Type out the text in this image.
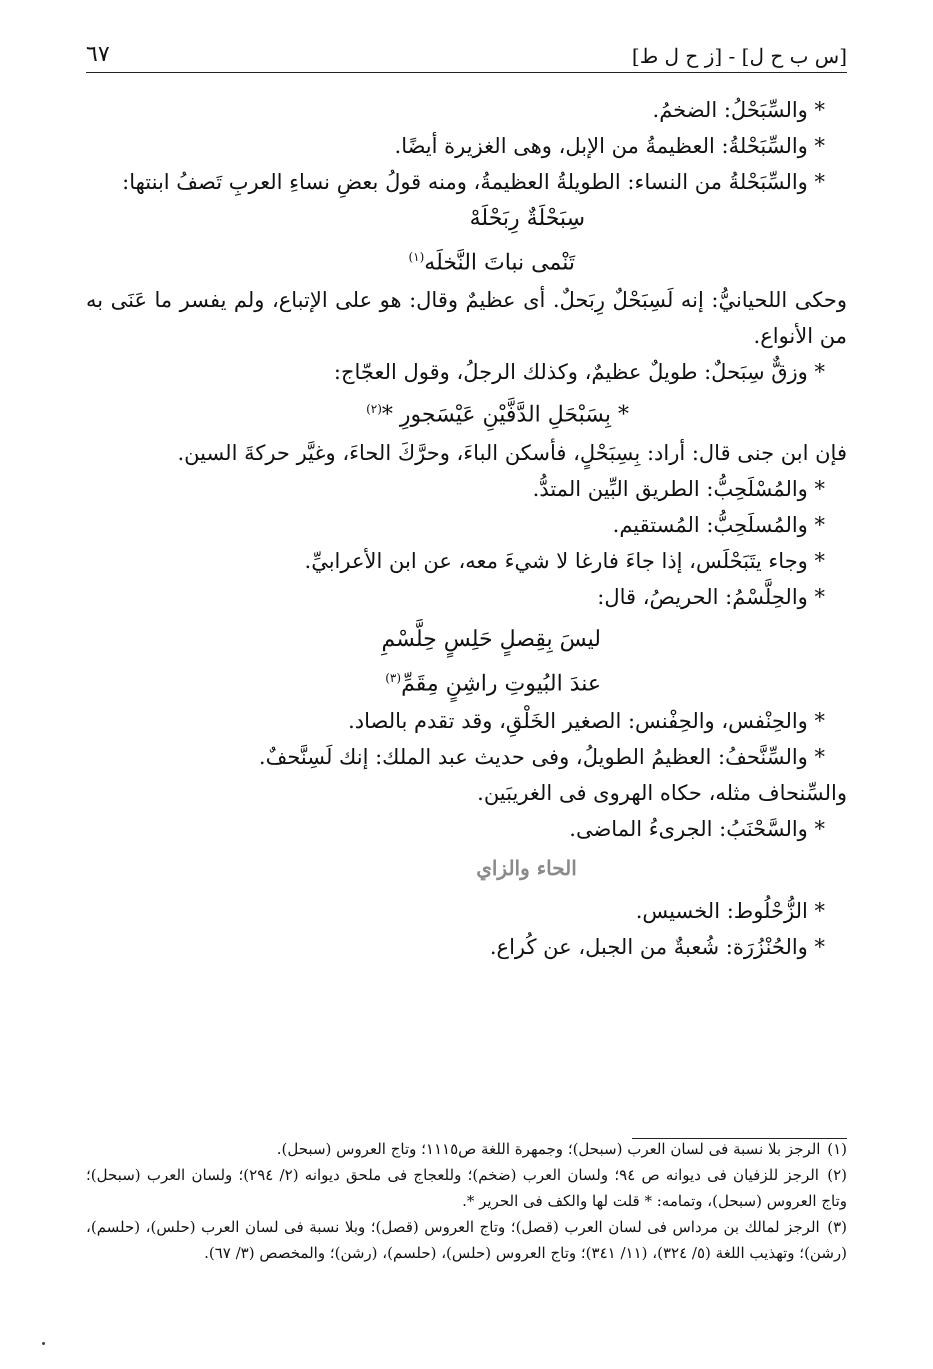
[س ب ح ل] - [ز ح ل ط]
٦٧
* والسِّبَحْلُ: الضخمُ.
* والسِّبَحْلةُ: العظيمةُ من الإبل، وهى الغزيرة أيضًا.
* والسِّبَحْلةُ من النساء: الطويلةُ العظيمةُ، ومنه قولُ بعضِ نساءِ العربِ تَصفُ ابنتها:
سِبَحْلَةٌ رِبَحْلَهْ
تَنْمى نباتَ النَّخلَه$^{(١)}$
وحكى اللحيانيُّ: إنه لَسِبَحْلٌ رِبَحلٌ. أى عظيمٌ وقال: هو على الإتباع، ولم يفسر ما عَنَى به من الأنواع.
* وزقٌّ سِبَحلٌ: طويلٌ عظيمٌ، وكذلك الرجلُ، وقول العجّاج:
* بِسَبْحَلِ الدَّفَّيْنِ عَيْسَجورِ *$^{(٢)}$
فإن ابن جنى قال: أراد: بِسِبَحْلٍ، فأسكن الباءَ، وحرَّكَ الحاءَ، وغيَّر حركةَ السين.
* والمُسْلَحِبُّ: الطريق البِّين المتدُّ.
* والمُسلَحِبُّ: المُستقيم.
* وجاء يتَبَحْلَس، إذا جاءَ فارغا لا شيءَ معه، عن ابن الأعرابيِّ.
* والحِلَّسْمُ: الحريصُ، قال:
ليسَ بِقِصلٍ حَلِسٍ حِلَّسْمِ
عندَ البُيوتِ راشِنٍ مِقَمِّ$^{(٣)}$
* والحِنْفس، والحِفْنس: الصغير الخَلْقِ، وقد تقدم بالصاد.
* والسِّنَّحفُ: العظيمُ الطويلُ، وفى حديث عبد الملك: إنك لَسِنَّحفٌ.
والسِّنحاف مثله، حكاه الهروى فى الغريبَين.
* والسَّحْنَبُ: الجرىءُ الماضى.
الحاء والزاي
* الزُّحْلُوط: الخسيس.
* والحُنْزُرَة: شُعبةٌ من الجبل، عن كُراع.
(١) الرجز بلا نسبة فى لسان العرب (سبحل)؛ وجمهرة اللغة ص١١١٥؛ وتاج العروس (سبحل).
(٢) الرجز للزفيان فى ديوانه ص ٩٤؛ ولسان العرب (ضخم)؛ وللعجاج فى ملحق ديوانه (٢/ ٢٩٤)؛ ولسان العرب (سبحل)؛ وتاج العروس (سبحل)، وتمامه: * قلت لها والكف فى الحرير *.
(٣) الرجز لمالك بن مرداس فى لسان العرب (قصل)؛ وتاج العروس (قصل)؛ وبلا نسبة فى لسان العرب (حلس)، (حلسم)، (رشن)؛ وتهذيب اللغة (٥/ ٣٢٤)، (١١/ ٣٤١)؛ وتاج العروس (حلس)، (حلسم)، (رشن)؛ والمخصص (٣/ ٦٧).
